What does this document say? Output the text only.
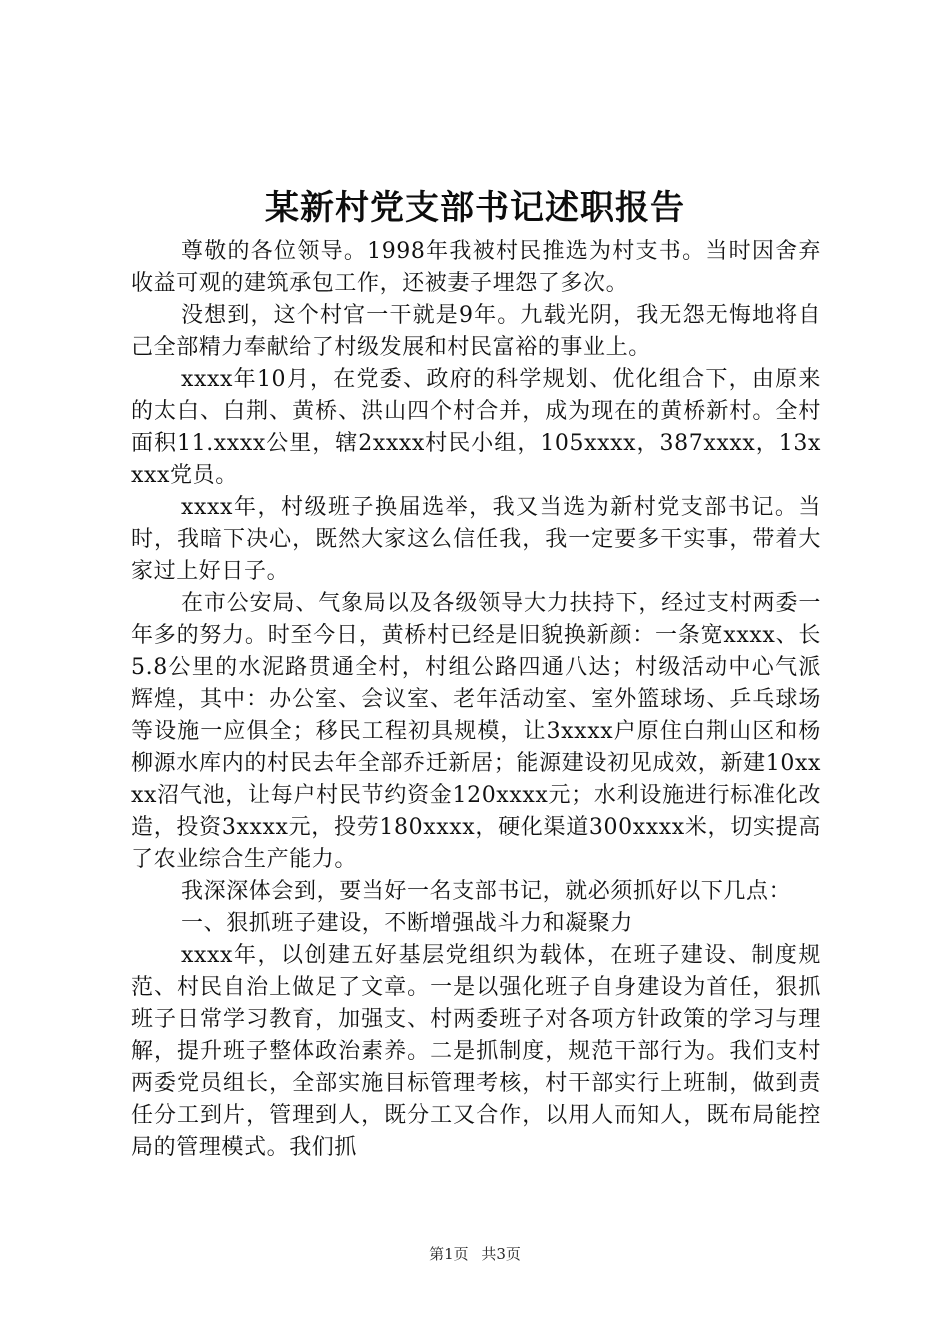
某新村党支部书记述职报告

尊敬的各位领导。1998年我被村民推选为村支书。当时因舍弃收益可观的建筑承包工作，还被妻子埋怨了多次。

没想到，这个村官一干就是9年。九载光阴，我无怨无悔地将自己全部精力奉献给了村级发展和村民富裕的事业上。

xxxx年10月，在党委、政府的科学规划、优化组合下，由原来的太白、白荆、黄桥、洪山四个村合并，成为现在的黄桥新村。全村面积11.xxxx公里，辖2xxxx村民小组，105xxxx，387xxxx，13xxxx党员。

xxxx年，村级班子换届选举，我又当选为新村党支部书记。当时，我暗下决心，既然大家这么信任我，我一定要多干实事，带着大家过上好日子。

在市公安局、气象局以及各级领导大力扶持下，经过支村两委一年多的努力。时至今日，黄桥村已经是旧貌换新颜：一条宽xxxx、长5.8公里的水泥路贯通全村，村组公路四通八达；村级活动中心气派辉煌，其中：办公室、会议室、老年活动室、室外篮球场、乒乓球场等设施一应俱全；移民工程初具规模，让3xxxx户原住白荆山区和杨柳源水库内的村民去年全部乔迁新居；能源建设初见成效，新建10xxxx沼气池，让每户村民节约资金120xxxx元；水利设施进行标准化改造，投资3xxxx元，投劳180xxxx，硬化渠道300xxxx米，切实提高了农业综合生产能力。

我深深体会到，要当好一名支部书记，就必须抓好以下几点：

一、狠抓班子建设，不断增强战斗力和凝聚力

xxxx年，以创建五好基层党组织为载体，在班子建设、制度规范、村民自治上做足了文章。一是以强化班子自身建设为首任，狠抓班子日常学习教育，加强支、村两委班子对各项方针政策的学习与理解，提升班子整体政治素养。二是抓制度，规范干部行为。我们支村两委党员组长，全部实施目标管理考核，村干部实行上班制，做到责任分工到片，管理到人，既分工又合作，以用人而知人，既布局能控局的管理模式。我们抓

第1页 共3页
